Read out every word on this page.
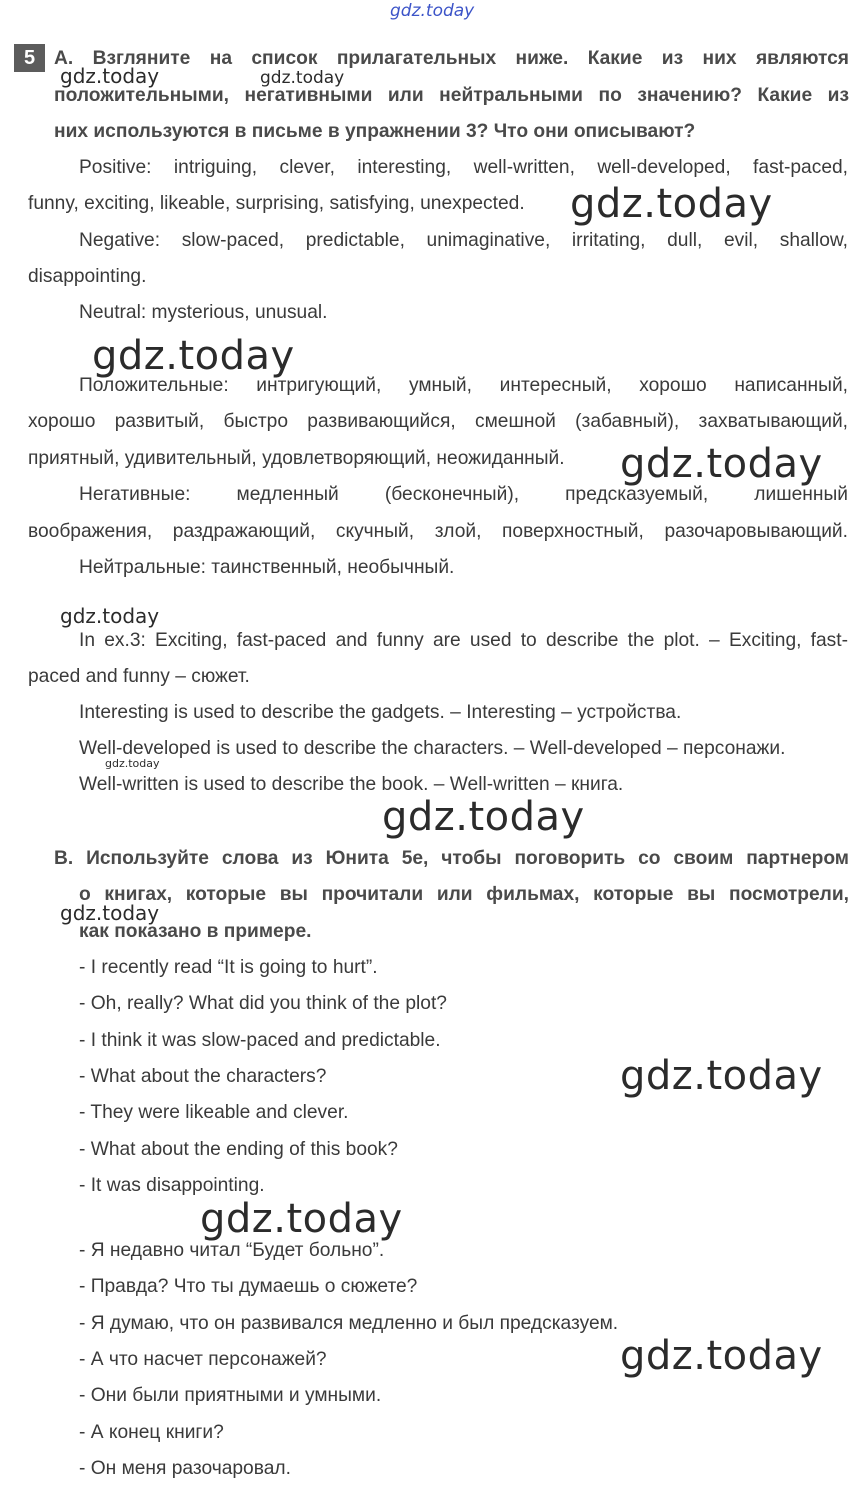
gdz.today
5 A. Взгляните на список прилагательных ниже. Какие из них являются
положительными, негативными или нейтральными по значению? Какие из
них используются в письме в упражнении 3? Что они описывают?
Positive: intriguing, clever, interesting, well-written, well-developed, fast-paced,
funny, exciting, likeable, surprising, satisfying, unexpected.
Negative: slow-paced, predictable, unimaginative, irritating, dull, evil, shallow,
disappointing.
Neutral: mysterious, unusual.
Положительные: интригующий, умный, интересный, хорошо написанный,
хорошо развитый, быстро развивающийся, смешной (забавный), захватывающий,
приятный, удивительный, удовлетворяющий, неожиданный.
Негативные: медленный (бесконечный), предсказуемый, лишенный
воображения, раздражающий, скучный, злой, поверхностный, разочаровывающий.
Нейтральные: таинственный, необычный.
In ex.3: Exciting, fast-paced and funny are used to describe the plot. – Exciting, fast-
paced and funny – сюжет.
Interesting is used to describe the gadgets. – Interesting – устройства.
Well-developed is used to describe the characters. – Well-developed – персонажи.
Well-written is used to describe the book. – Well-written – книга.
B. Используйте слова из Юнита 5е, чтобы поговорить со своим партнером
о книгах, которые вы прочитали или фильмах, которые вы посмотрели,
как показано в примере.
- I recently read “It is going to hurt”.
- Oh, really? What did you think of the plot?
- I think it was slow-paced and predictable.
- What about the characters?
- They were likeable and clever.
- What about the ending of this book?
- It was disappointing.
- Я недавно читал “Будет больно”.
- Правда? Что ты думаешь о сюжете?
- Я думаю, что он развивался медленно и был предсказуем.
- А что насчет персонажей?
- Они были приятными и умными.
- А конец книги?
- Он меня разочаровал.
gdz.today	gdz.today
gdz.today
gdz.today
gdz.today
gdz.today
gdz.today
gdz.today
gdz.today
gdz.today
gdz.today
gdz.today
